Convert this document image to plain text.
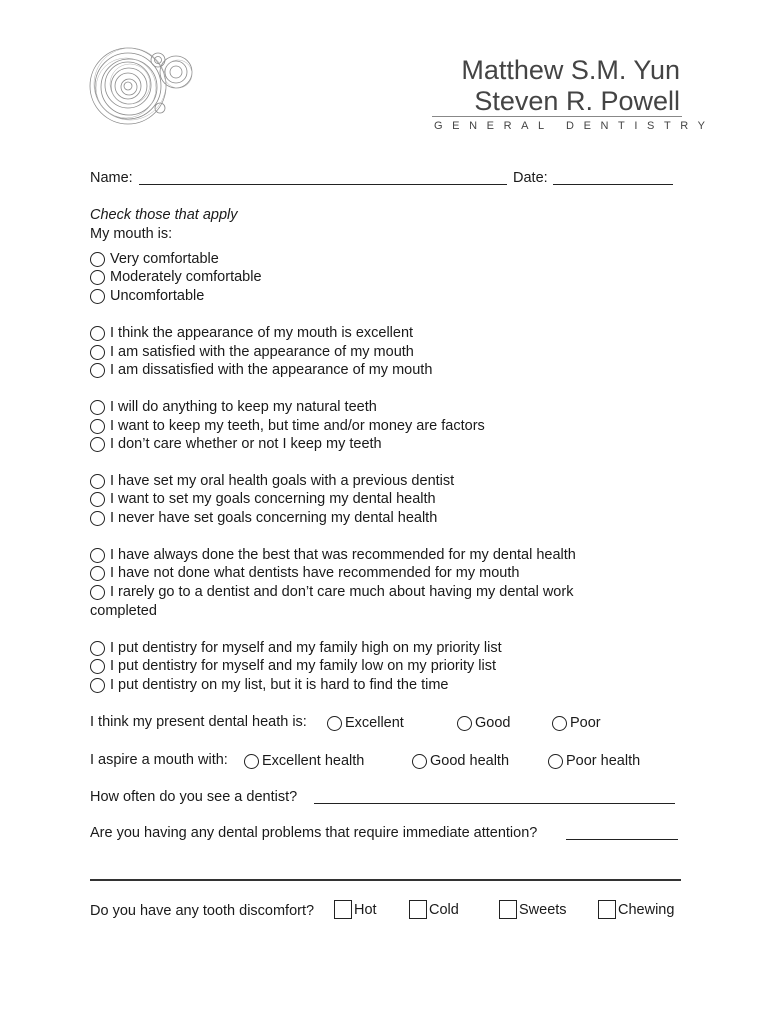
Matthew S.M. Yun
Steven R. Powell
GENERAL DENTISTRY
Name:	Date:
Check those that apply
My mouth is:
Very comfortable
Moderately comfortable
Uncomfortable
I think the appearance of my mouth is excellent
I am satisfied with the appearance of my mouth
I am dissatisfied with the appearance of my mouth
I will do anything to keep my natural teeth
I want to keep my teeth, but time and/or money are factors
I don’t care whether or not I keep my teeth
I have set my oral health goals with a previous dentist
I want to set my goals concerning my dental health
I never have set goals concerning my dental health
I have always done the best that was recommended for my dental health
I have not done what dentists have recommended for my mouth
I rarely go to a dentist and don’t care much about having my dental work
completed
I put dentistry for myself and my family high on my priority list
I put dentistry for myself and my family low on my priority list
I put dentistry on my list, but it is hard to find the time
I think my present dental heath is:	Excellent	Good	Poor
I aspire a mouth with: Excellent health	Good health	Poor health
How often do you see a dentist?
Are you having any dental problems that require immediate attention?
Do you have any tooth discomfort?	Hot	Cold	Sweets	Chewing
